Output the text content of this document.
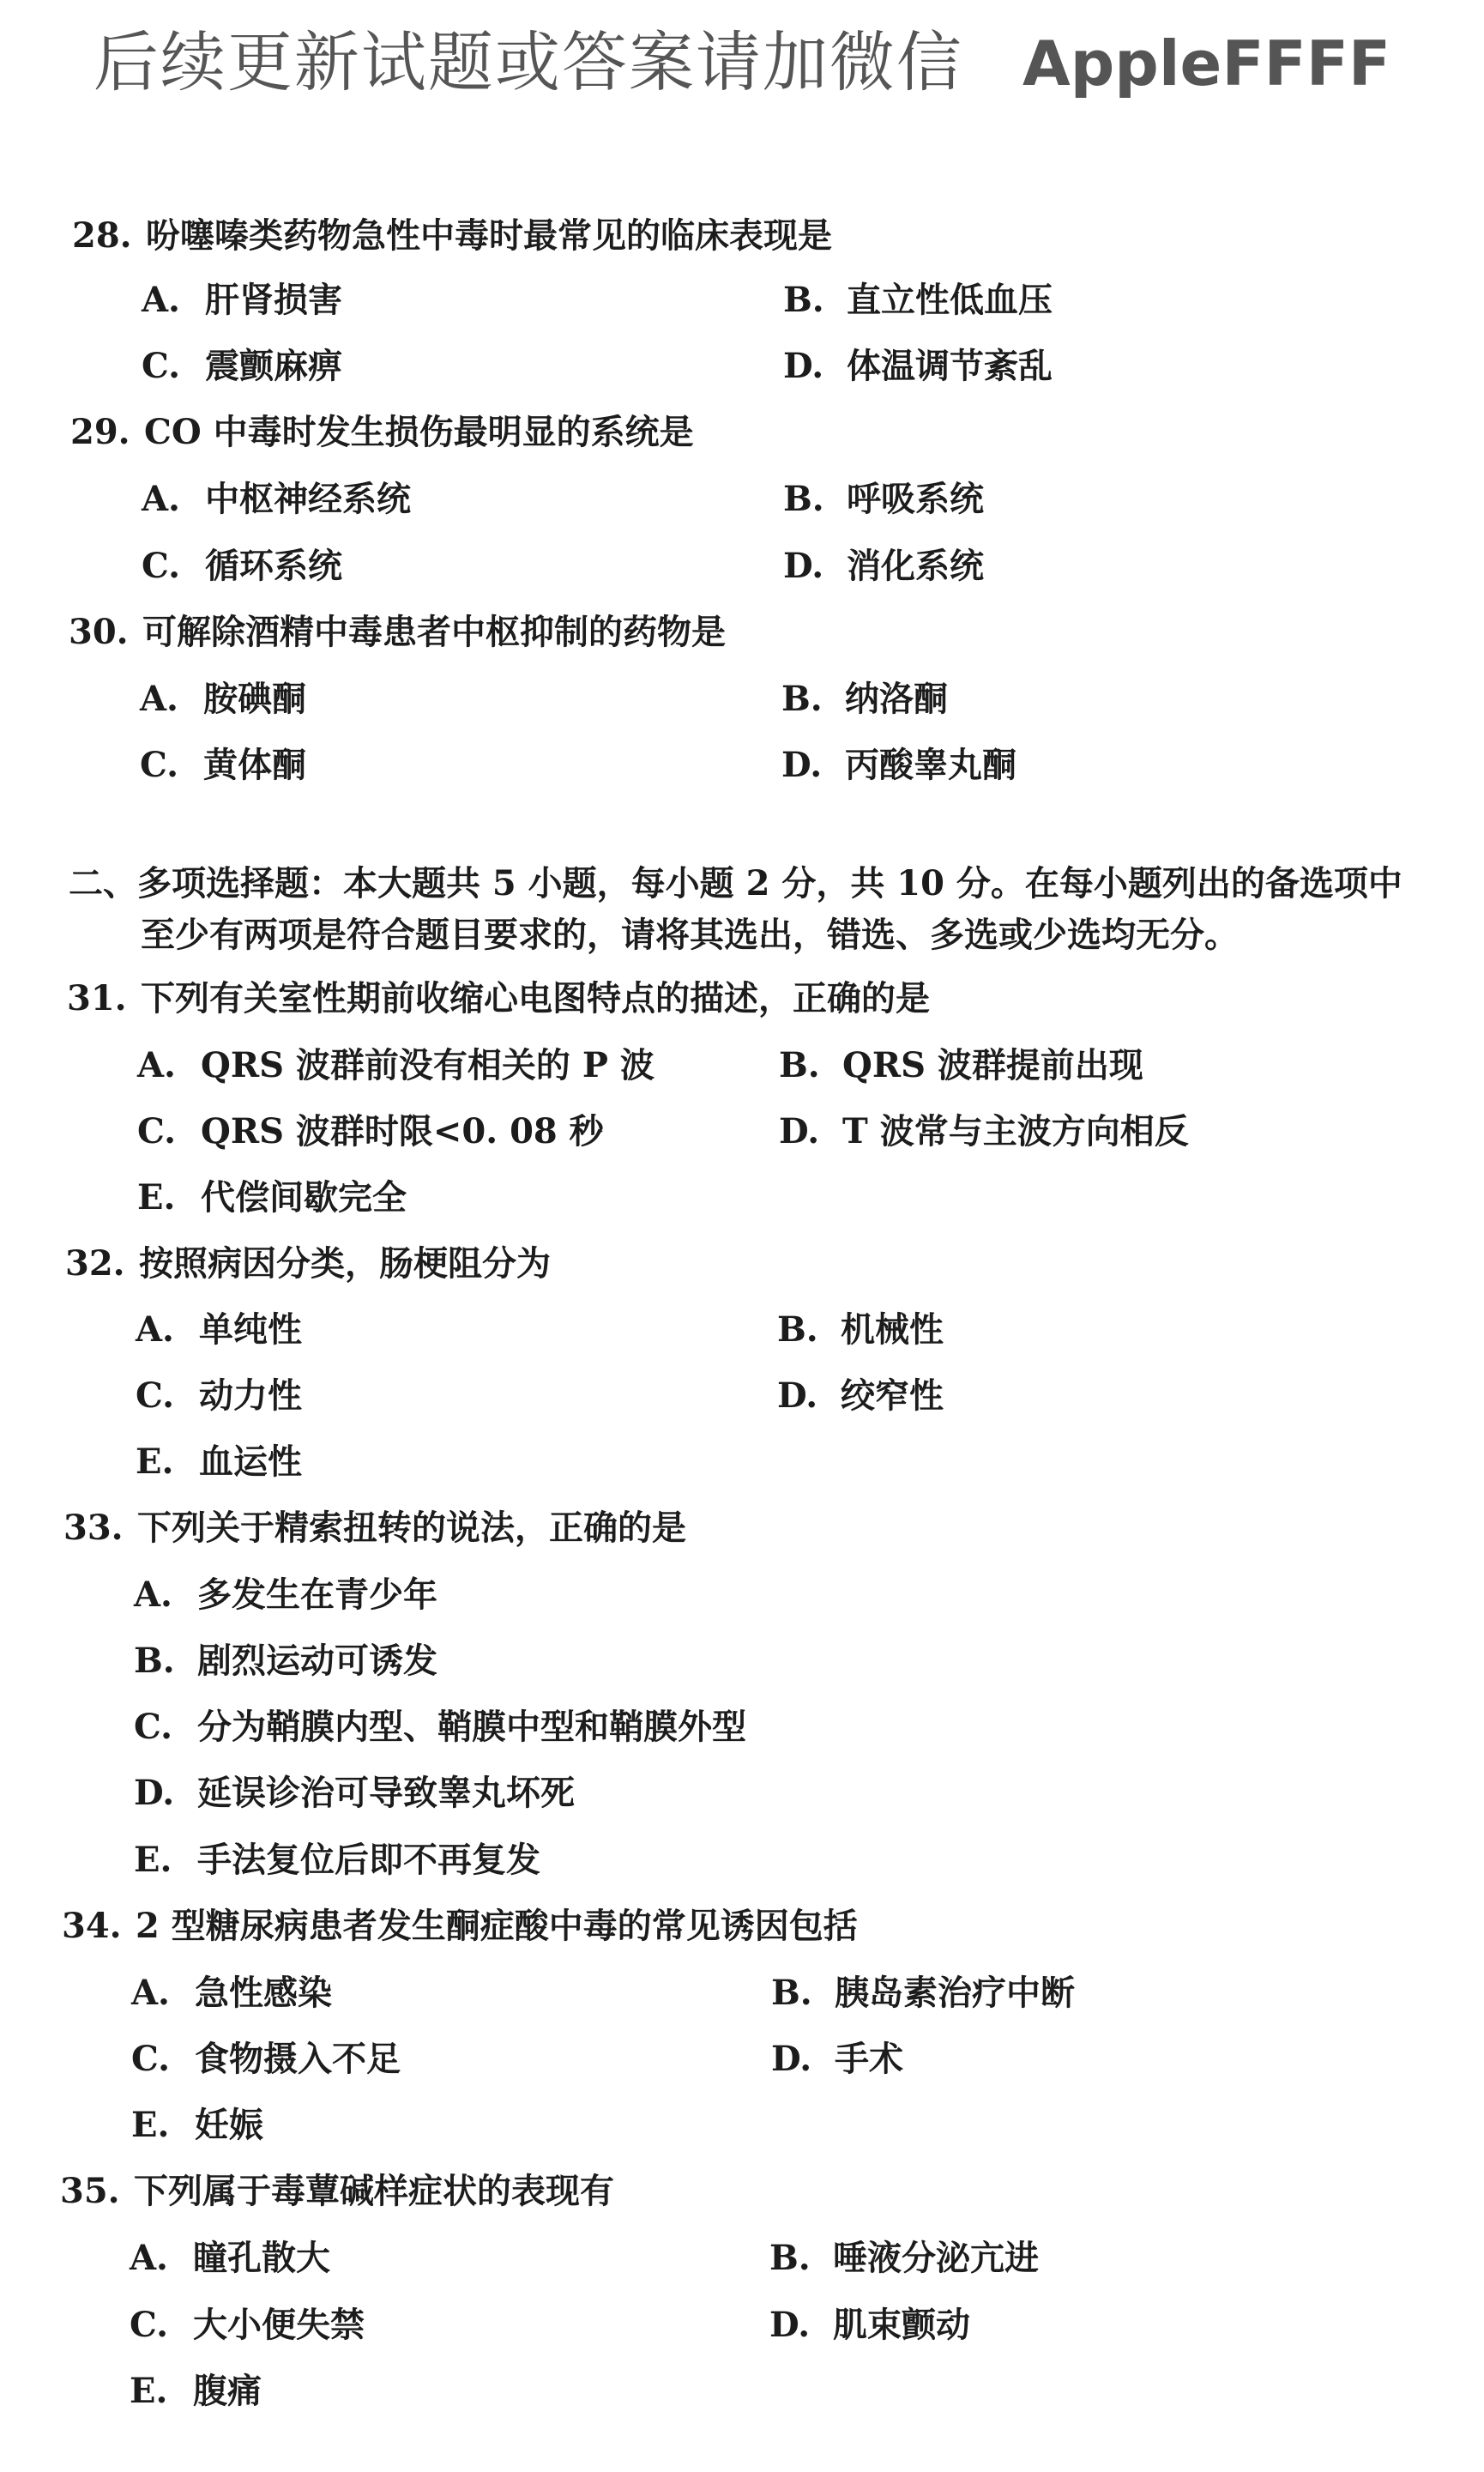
后续更新试题或答案请加微信 AppleFFFF
28. 吩噻嗪类药物急性中毒时最常见的临床表现是
A. 肝肾损害	B. 直立性低血压
C. 震颤麻痹	D. 体温调节紊乱
29. CO 中毒时发生损伤最明显的系统是
A. 中枢神经系统	B. 呼吸系统
C. 循环系统	D. 消化系统
30. 可解除酒精中毒患者中枢抑制的药物是
A. 胺碘酮	B. 纳洛酮
C. 黄体酮	D. 丙酸睾丸酮
二、多项选择题：本大题共 5 小题，每小题 2 分，共 10 分。在每小题列出的备选项中
至少有两项是符合题目要求的，请将其选出，错选、多选或少选均无分。
31. 下列有关室性期前收缩心电图特点的描述，正确的是
A. QRS 波群前没有相关的 P 波	B. QRS 波群提前出现
C. QRS 波群时限<0. 08 秒	D. T 波常与主波方向相反
E. 代偿间歇完全
32. 按照病因分类，肠梗阻分为
A. 单纯性	B. 机械性
C. 动力性	D. 绞窄性
E. 血运性
33. 下列关于精索扭转的说法，正确的是
A. 多发生在青少年
B. 剧烈运动可诱发
C. 分为鞘膜内型、鞘膜中型和鞘膜外型
D. 延误诊治可导致睾丸坏死
E. 手法复位后即不再复发
34. 2 型糖尿病患者发生酮症酸中毒的常见诱因包括
A. 急性感染	B. 胰岛素治疗中断
C. 食物摄入不足	D. 手术
E. 妊娠
35. 下列属于毒蕈碱样症状的表现有
A. 瞳孔散大	B. 唾液分泌亢进
C. 大小便失禁	D. 肌束颤动
E. 腹痛
